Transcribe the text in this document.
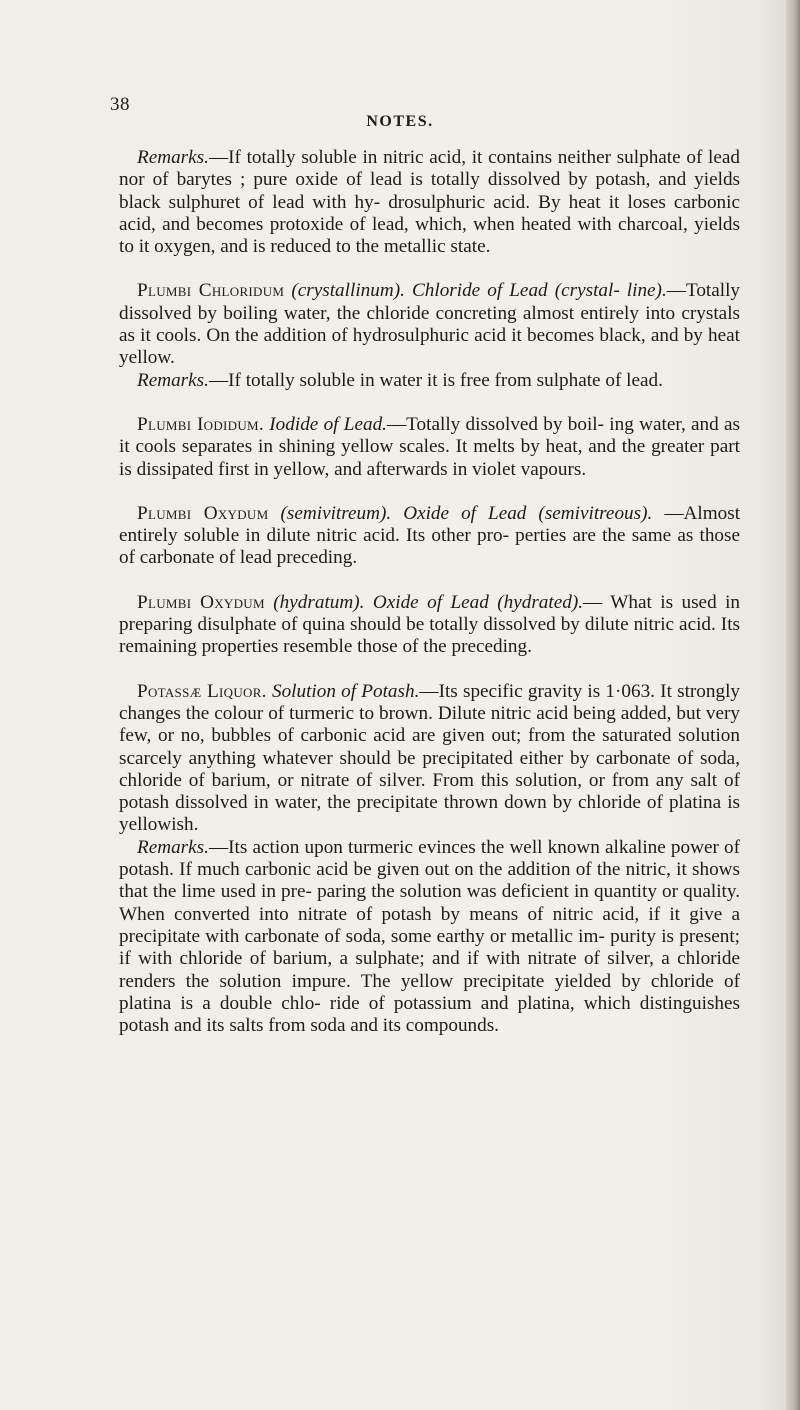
38
NOTES.

Remarks.—If totally soluble in nitric acid, it contains neither sulphate of lead nor of barytes ; pure oxide of lead is totally dissolved by potash, and yields black sulphuret of lead with hy- drosulphuric acid. By heat it loses carbonic acid, and becomes protoxide of lead, which, when heated with charcoal, yields to it oxygen, and is reduced to the metallic state.

Plumbi Chloridum (crystallinum). Chloride of Lead (crystal- line).—Totally dissolved by boiling water, the chloride concreting almost entirely into crystals as it cools. On the addition of hydrosulphuric acid it becomes black, and by heat yellow.

Remarks.—If totally soluble in water it is free from sulphate of lead.

Plumbi Iodidum. Iodide of Lead.—Totally dissolved by boil- ing water, and as it cools separates in shining yellow scales. It melts by heat, and the greater part is dissipated first in yellow, and afterwards in violet vapours.

Plumbi Oxydum (semivitreum). Oxide of Lead (semivitreous). —Almost entirely soluble in dilute nitric acid. Its other pro- perties are the same as those of carbonate of lead preceding.

Plumbi Oxydum (hydratum). Oxide of Lead (hydrated).— What is used in preparing disulphate of quina should be totally dissolved by dilute nitric acid. Its remaining properties resemble those of the preceding.

Potassæ Liquor. Solution of Potash.—Its specific gravity is 1·063. It strongly changes the colour of turmeric to brown. Dilute nitric acid being added, but very few, or no, bubbles of carbonic acid are given out; from the saturated solution scarcely anything whatever should be precipitated either by carbonate of soda, chloride of barium, or nitrate of silver. From this solution, or from any salt of potash dissolved in water, the precipitate thrown down by chloride of platina is yellowish.

Remarks.—Its action upon turmeric evinces the well known alkaline power of potash. If much carbonic acid be given out on the addition of the nitric, it shows that the lime used in pre- paring the solution was deficient in quantity or quality. When converted into nitrate of potash by means of nitric acid, if it give a precipitate with carbonate of soda, some earthy or metallic im- purity is present; if with chloride of barium, a sulphate; and if with nitrate of silver, a chloride renders the solution impure. The yellow precipitate yielded by chloride of platina is a double chlo- ride of potassium and platina, which distinguishes potash and its salts from soda and its compounds.
